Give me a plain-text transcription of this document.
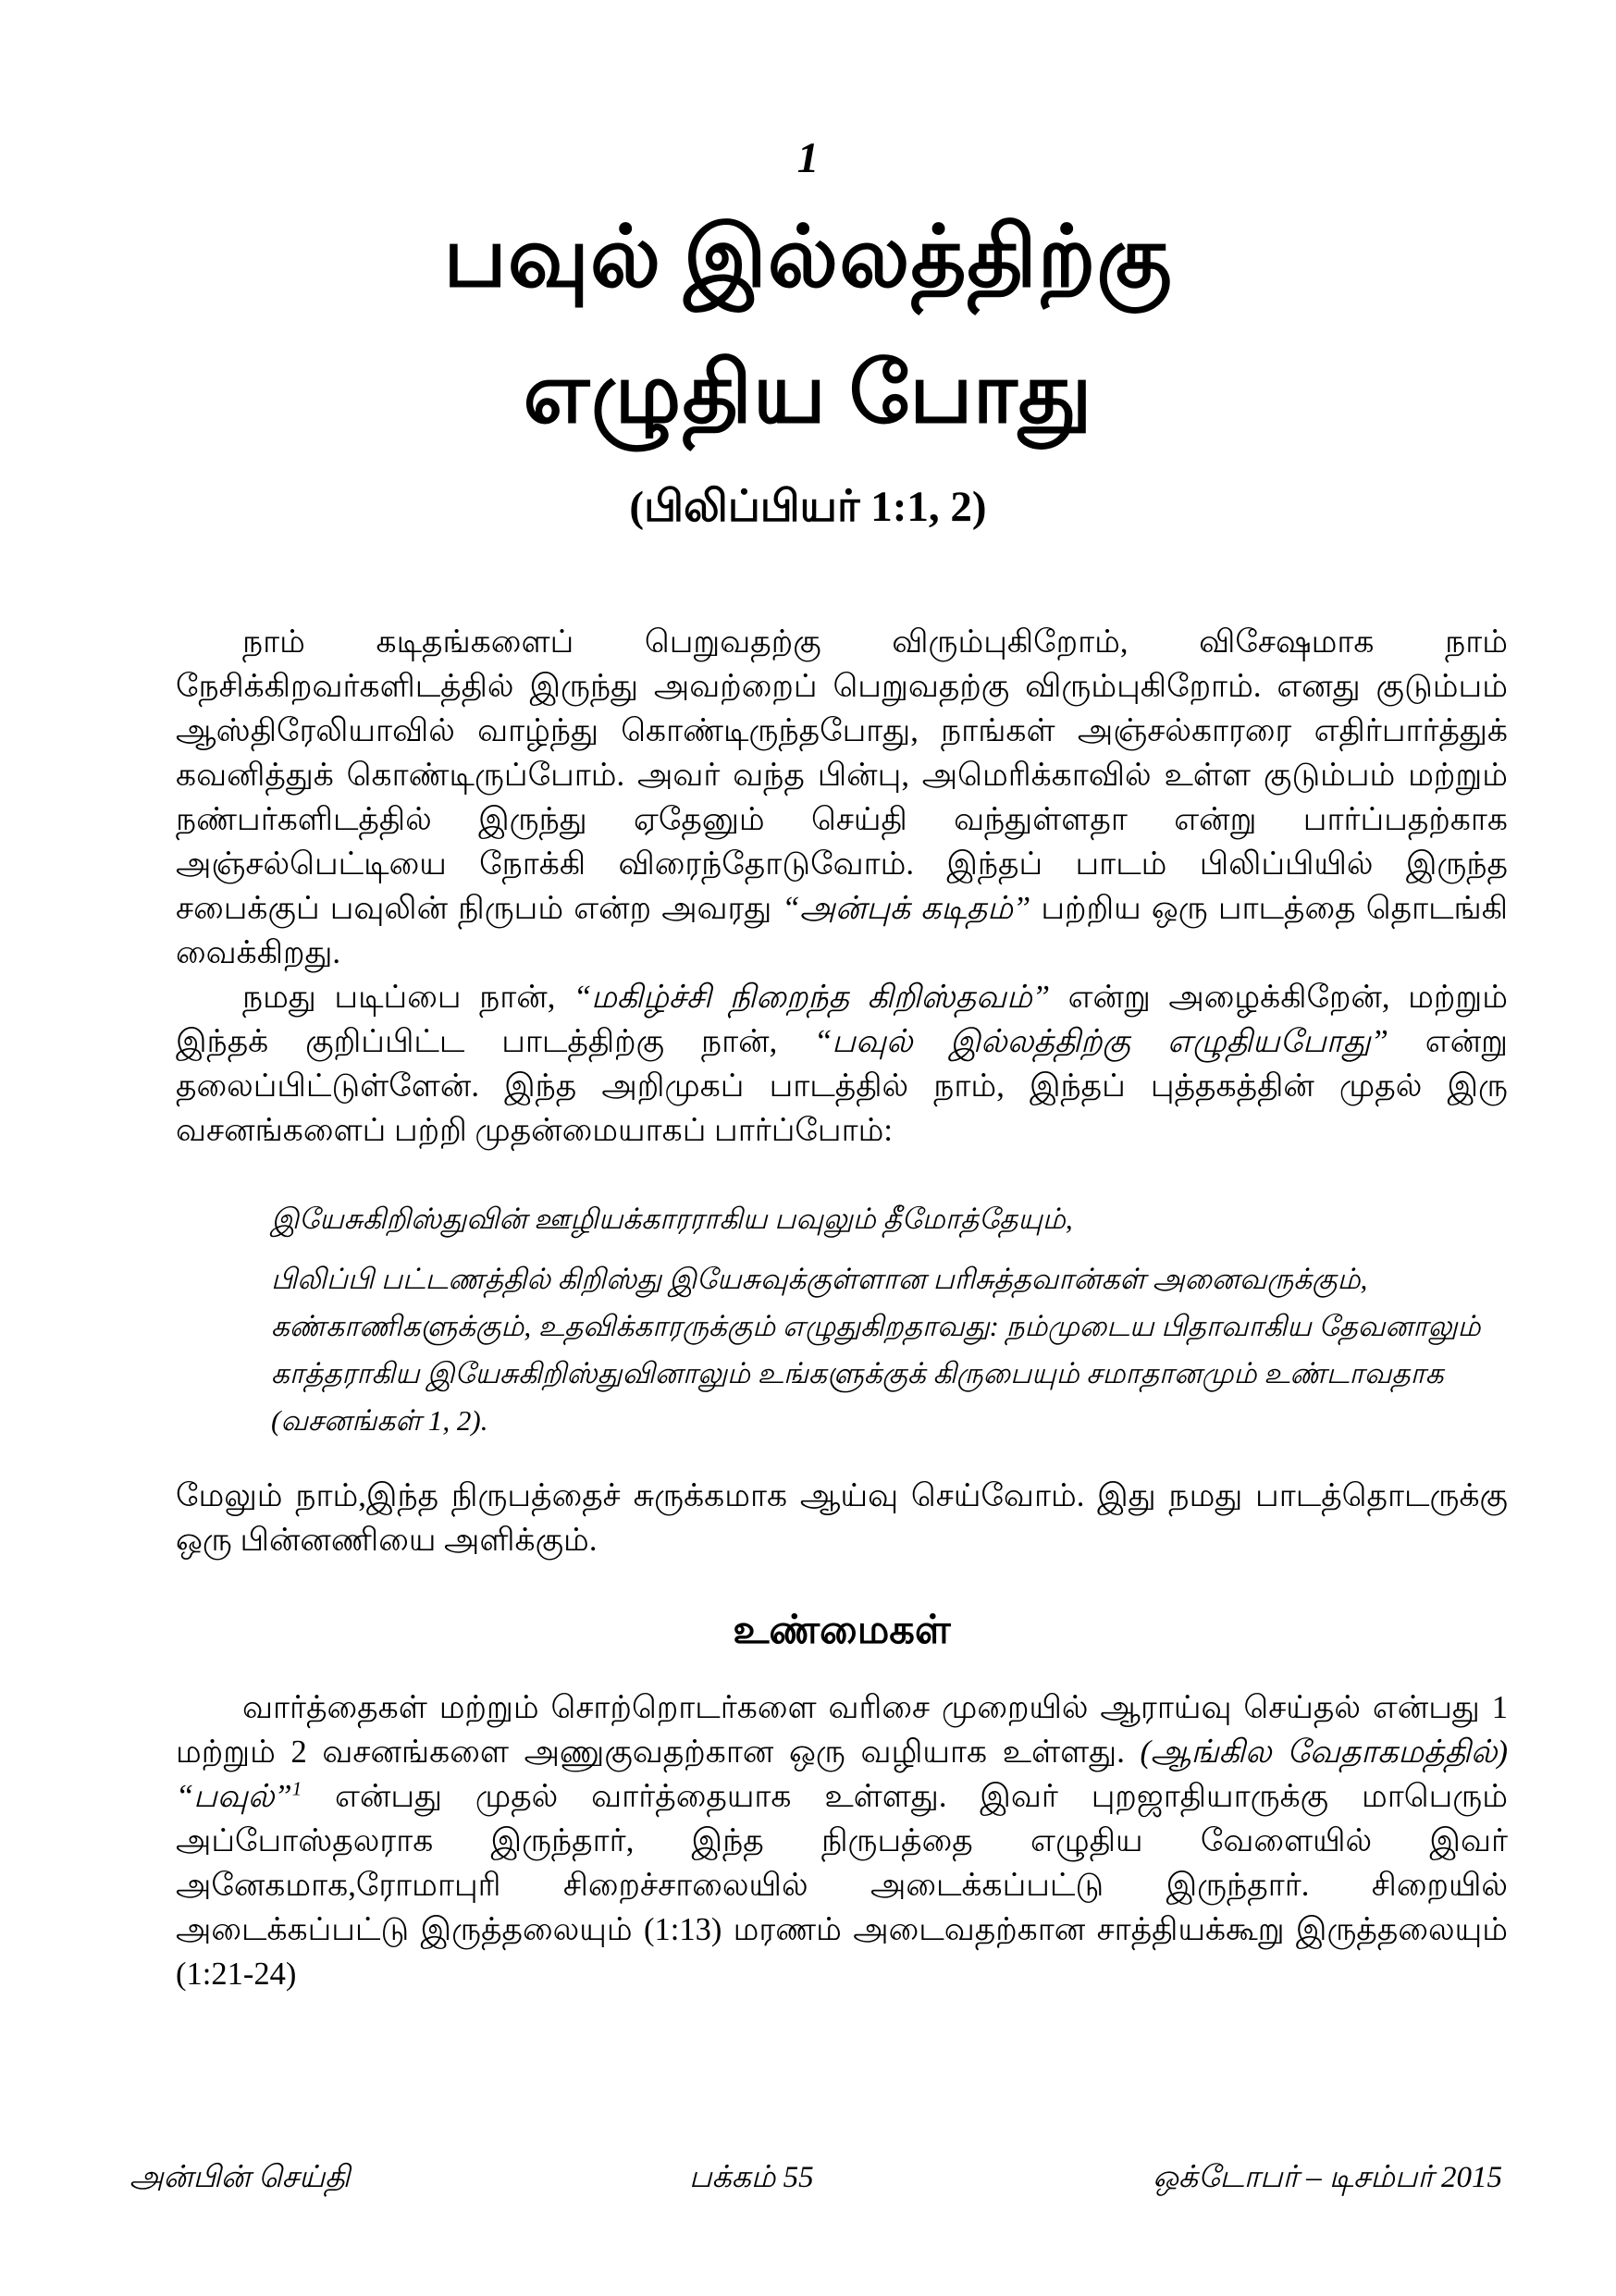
1
பவுல் இல்லத்திற்கு
எழுதிய போது
(பிலிப்பியர் 1:1, 2)

நாம் கடிதங்களைப் பெறுவதற்கு விரும்புகிறோம், விசேஷமாக நாம் நேசிக்கிறவர்களிடத்தில் இருந்து அவற்றைப் பெறுவதற்கு விரும்புகிறோம். எனது குடும்பம் ஆஸ்திரேலியாவில் வாழ்ந்து கொண்டிருந்தபோது, நாங்கள் அஞ்சல்காரரை எதிர்பார்த்துக் கவனித்துக் கொண்டிருப்போம். அவர் வந்த பின்பு, அமெரிக்காவில் உள்ள குடும்பம் மற்றும் நண்பர்களிடத்தில் இருந்து ஏதேனும் செய்தி வந்துள்ளதா என்று பார்ப்பதற்காக அஞ்சல்பெட்டியை நோக்கி விரைந்தோடுவோம். இந்தப் பாடம் பிலிப்பியில் இருந்த சபைக்குப் பவுலின் நிருபம் என்ற அவரது “அன்புக் கடிதம்” பற்றிய ஒரு பாடத்தை தொடங்கி வைக்கிறது.

நமது படிப்பை நான், “மகிழ்ச்சி நிறைந்த கிறிஸ்தவம்” என்று அழைக்கிறேன், மற்றும் இந்தக் குறிப்பிட்ட பாடத்திற்கு நான், “பவுல் இல்லத்திற்கு எழுதியபோது” என்று தலைப்பிட்டுள்ளேன். இந்த அறிமுகப் பாடத்தில் நாம், இந்தப் புத்தகத்தின் முதல் இரு வசனங்களைப் பற்றி முதன்மையாகப் பார்ப்போம்:

இயேசுகிறிஸ்துவின் ஊழியக்காரராகிய பவுலும் தீமோத்தேயும்,

பிலிப்பி பட்டணத்தில் கிறிஸ்து இயேசுவுக்குள்ளான பரிசுத்தவான்கள் அனைவருக்கும், கண்காணிகளுக்கும், உதவிக்காரருக்கும் எழுதுகிறதாவது: நம்முடைய பிதாவாகிய தேவனாலும் காத்தராகிய இயேசுகிறிஸ்துவினாலும் உங்களுக்குக் கிருபையும் சமாதானமும் உண்டாவதாக (வசனங்கள் 1, 2).

மேலும் நாம்,இந்த நிருபத்தைச் சுருக்கமாக ஆய்வு செய்வோம். இது நமது பாடத்தொடருக்கு ஒரு பின்னணியை அளிக்கும்.

உண்மைகள்

வார்த்தைகள் மற்றும் சொற்றொடர்களை வரிசை முறையில் ஆராய்வு செய்தல் என்பது 1 மற்றும் 2 வசனங்களை அணுகுவதற்கான ஒரு வழியாக உள்ளது. (ஆங்கில வேதாகமத்தில்) “பவுல்”$^1$ என்பது முதல் வார்த்தையாக உள்ளது. இவர் புறஜாதியாருக்கு மாபெரும் அப்போஸ்தலராக இருந்தார், இந்த நிருபத்தை எழுதிய வேளையில் இவர் அனேகமாக,ரோமாபுரி சிறைச்சாலையில் அடைக்கப்பட்டு இருந்தார். சிறையில் அடைக்கப்பட்டு இருத்தலையும் (1:13) மரணம் அடைவதற்கான சாத்தியக்கூறு இருத்தலையும் (1:21-24)

அன்பின் செய்தி	பக்கம் 55	ஒக்டோபர் – டிசம்பர் 2015
